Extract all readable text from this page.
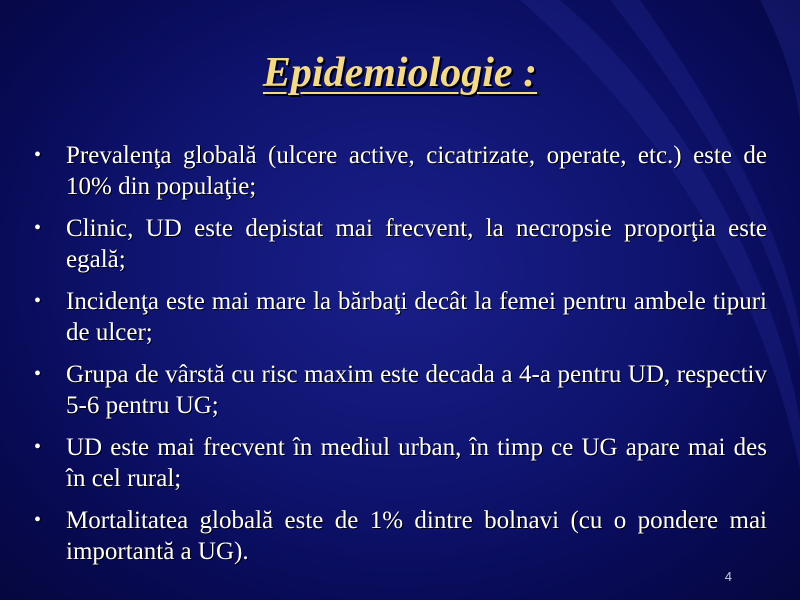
Epidemiologie :
• Prevalenţa globală (ulcere active, cicatrizate, operate, etc.) este de 10% din populaţie;
• Clinic, UD este depistat mai frecvent, la necropsie proporţia este egală;
• Incidenţa este mai mare la bărbaţi decât la femei pentru ambele tipuri de ulcer;
• Grupa de vârstă cu risc maxim este decada a 4-a pentru UD, respectiv 5-6 pentru UG;
• UD este mai frecvent în mediul urban, în timp ce UG apare mai des în cel rural;
• Mortalitatea globală este de 1% dintre bolnavi (cu o pondere mai importantă a UG).
4
